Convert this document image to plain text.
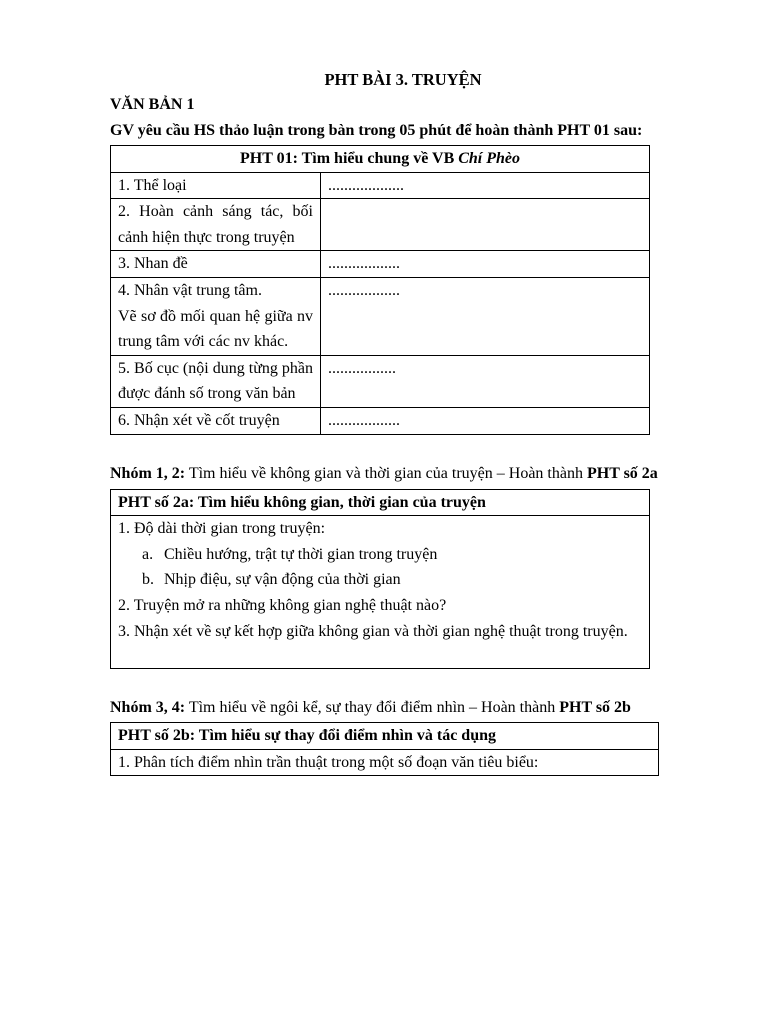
PHT BÀI 3. TRUYỆN
VĂN BẢN 1
GV yêu cầu HS thảo luận trong bàn trong 05 phút để hoàn thành PHT 01 sau:
PHT 01: Tìm hiểu chung về VB Chí Phèo	
1. Thể loại	...................
2. Hoàn cảnh sáng tác, bối cảnh hiện thực trong truyện	
3. Nhan đề	..................

4. Nhân vật trung tâm.
Vẽ sơ đồ mối quan hệ giữa nv trung tâm với các nv khác.	..................
5. Bố cục (nội dung từng phần được đánh số trong văn bản	.................
6. Nhận xét về cốt truyện	..................
Nhóm 1, 2: Tìm hiểu về không gian và thời gian của truyện – Hoàn thành PHT số 2a
PHT số 2a: Tìm hiểu không gian, thời gian của truyện

1. Độ dài thời gian trong truyện:
a. Chiều hướng, trật tự thời gian trong truyện
b. Nhịp điệu, sự vận động của thời gian
2. Truyện mở ra những không gian nghệ thuật nào?
3. Nhận xét về sự kết hợp giữa không gian và thời gian nghệ thuật trong truyện.
Nhóm 3, 4: Tìm hiểu về ngôi kể, sự thay đổi điểm nhìn – Hoàn thành PHT số 2b
PHT số 2b: Tìm hiểu sự thay đổi điểm nhìn và tác dụng
1. Phân tích điểm nhìn trần thuật trong một số đoạn văn tiêu biểu:
